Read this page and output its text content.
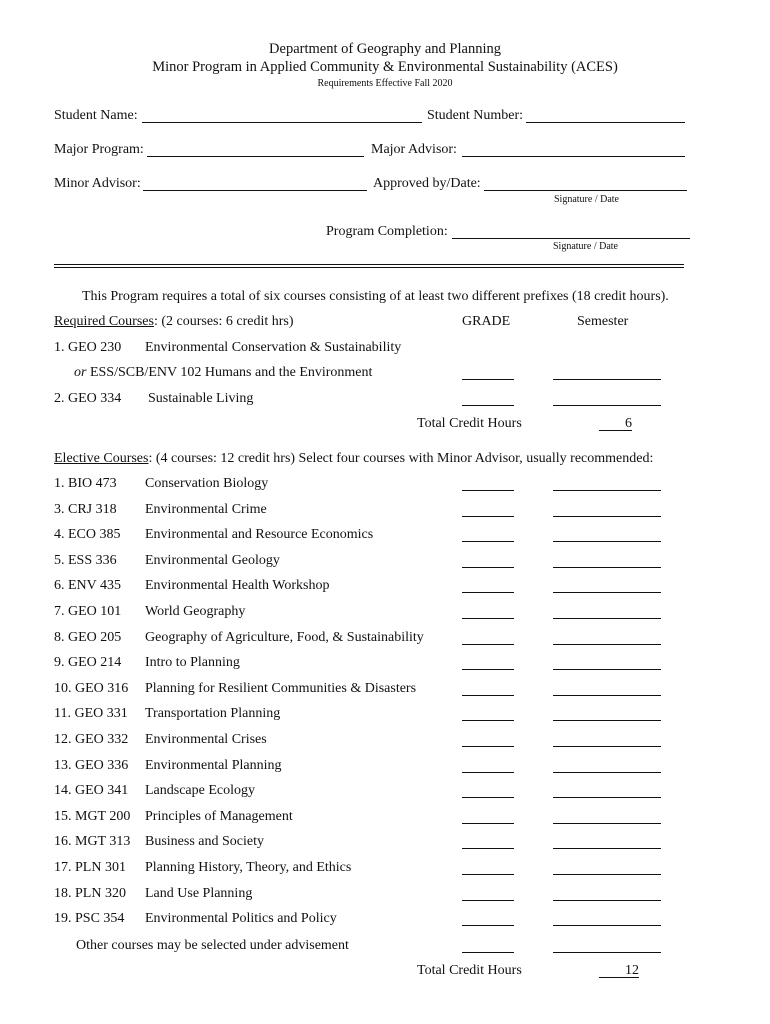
Department of Geography and Planning
Minor Program in Applied Community & Environmental Sustainability (ACES)
Requirements Effective Fall 2020
Student Name:	Student Number:
Major Program:	Major Advisor:
Minor Advisor:	Approved by/Date:
Signature / Date
Program Completion:
Signature / Date
This Program requires a total of six courses consisting of at least two different prefixes (18 credit hours).
Required Courses: (2 courses: 6 credit hrs)	GRADE	Semester
1. GEO 230 Environmental Conservation & Sustainability
or ESS/SCB/ENV 102 Humans and the Environment
2. GEO 334 Sustainable Living
Total Credit Hours	6
Elective Courses: (4 courses: 12 credit hrs) Select four courses with Minor Advisor, usually recommended:
1. BIO 473 Conservation Biology
3. CRJ 318 Environmental Crime
4. ECO 385 Environmental and Resource Economics
5. ESS 336 Environmental Geology
6. ENV 435 Environmental Health Workshop
7. GEO 101 World Geography
8. GEO 205 Geography of Agriculture, Food, & Sustainability
9. GEO 214 Intro to Planning
10. GEO 316 Planning for Resilient Communities & Disasters
11. GEO 331 Transportation Planning
12. GEO 332 Environmental Crises
13. GEO 336 Environmental Planning
14. GEO 341 Landscape Ecology
15. MGT 200 Principles of Management
16. MGT 313 Business and Society
17. PLN 301 Planning History, Theory, and Ethics
18. PLN 320 Land Use Planning
19. PSC 354 Environmental Politics and Policy
Other courses may be selected under advisement
Total Credit Hours	12
